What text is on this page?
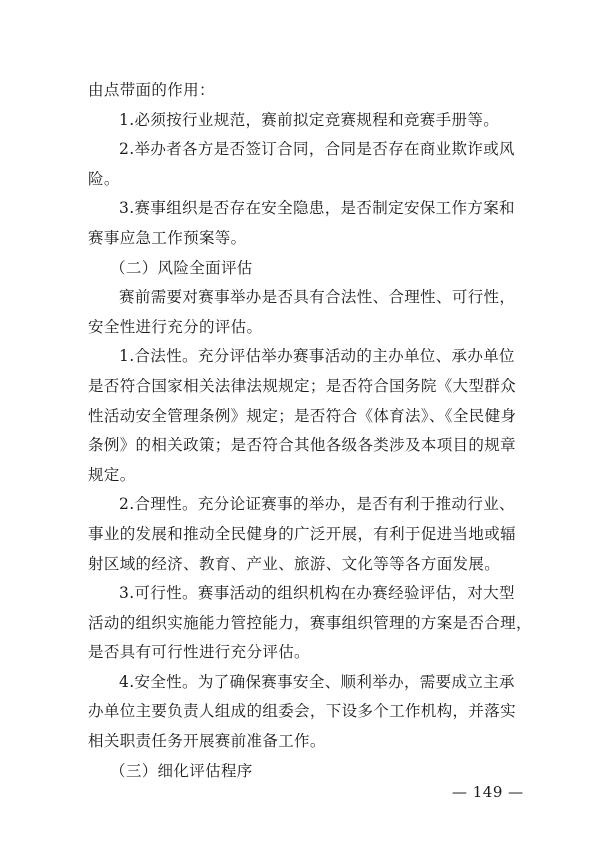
由点带面的作用：
1.必须按行业规范，赛前拟定竞赛规程和竞赛手册等。
2.举办者各方是否签订合同，合同是否存在商业欺诈或风
险。
3.赛事组织是否存在安全隐患，是否制定安保工作方案和
赛事应急工作预案等。
（二）风险全面评估
赛前需要对赛事举办是否具有合法性、合理性、可行性，
安全性进行充分的评估。
1.合法性。充分评估举办赛事活动的主办单位、承办单位
是否符合国家相关法律法规规定；是否符合国务院《大型群众
性活动安全管理条例》规定；是否符合《体育法》、《全民健身
条例》的相关政策；是否符合其他各级各类涉及本项目的规章
规定。
2.合理性。充分论证赛事的举办，是否有利于推动行业、
事业的发展和推动全民健身的广泛开展，有利于促进当地或辐
射区域的经济、教育、产业、旅游、文化等等各方面发展。
3.可行性。赛事活动的组织机构在办赛经验评估，对大型
活动的组织实施能力管控能力，赛事组织管理的方案是否合理，
是否具有可行性进行充分评估。
4.安全性。为了确保赛事安全、顺利举办，需要成立主承
办单位主要负责人组成的组委会，下设多个工作机构，并落实
相关职责任务开展赛前准备工作。
（三）细化评估程序
— 149 —
